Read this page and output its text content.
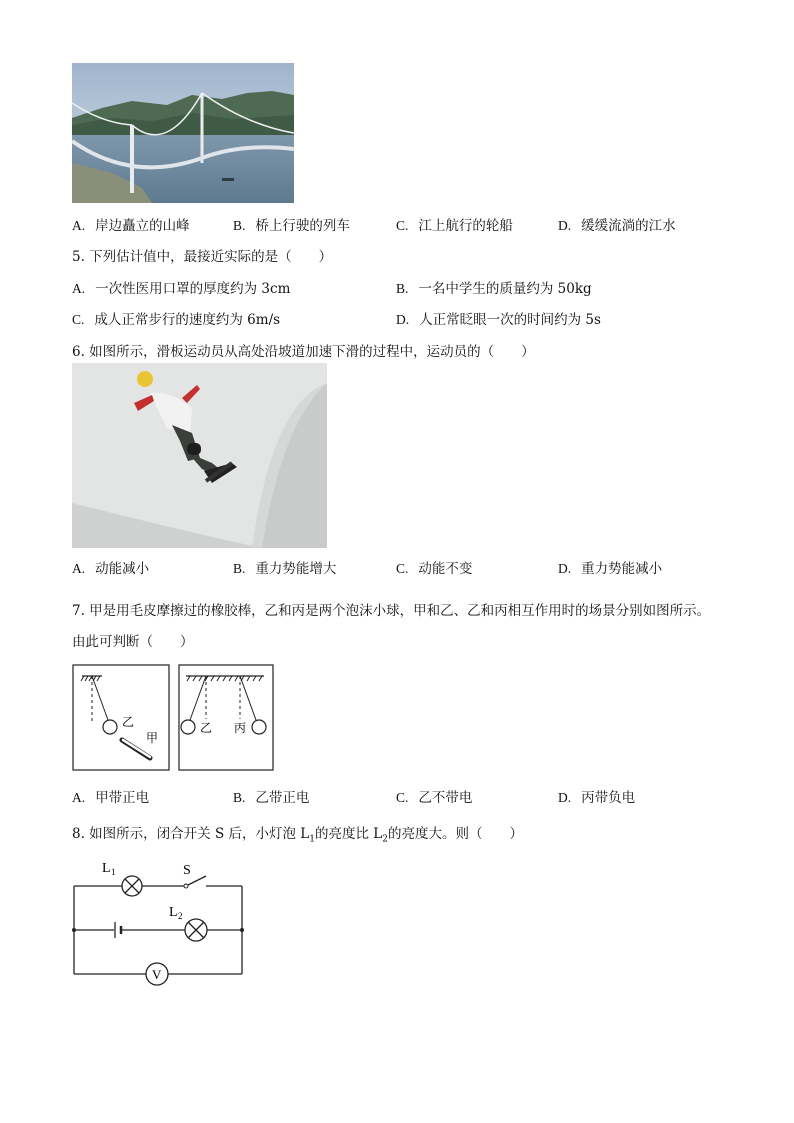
A. 岸边矗立的山峰	B. 桥上行驶的列车	C. 江上航行的轮船	D. 缓缓流淌的江水
5. 下列估计值中，最接近实际的是（　　）
A. 一次性医用口罩的厚度约为 3cm	B. 一名中学生的质量约为 50kg
C. 成人正常步行的速度约为 6m/s	D. 人正常眨眼一次的时间约为 5s
6. 如图所示，滑板运动员从高处沿坡道加速下滑的过程中，运动员的（　　）
A. 动能减小	B. 重力势能增大	C. 动能不变	D. 重力势能减小
7. 甲是用毛皮摩擦过的橡胶棒，乙和丙是两个泡沫小球，甲和乙、乙和丙相互作用时的场景分别如图所示。
由此可判断（　　）
乙
甲
乙 丙
A. 甲带正电	B. 乙带正电	C. 乙不带电	D. 丙带负电
8. 如图所示，闭合开关 S 后，小灯泡 $L_1$的亮度比 $L_2$的亮度大。则（　　）
V
L 1	S
L 2
